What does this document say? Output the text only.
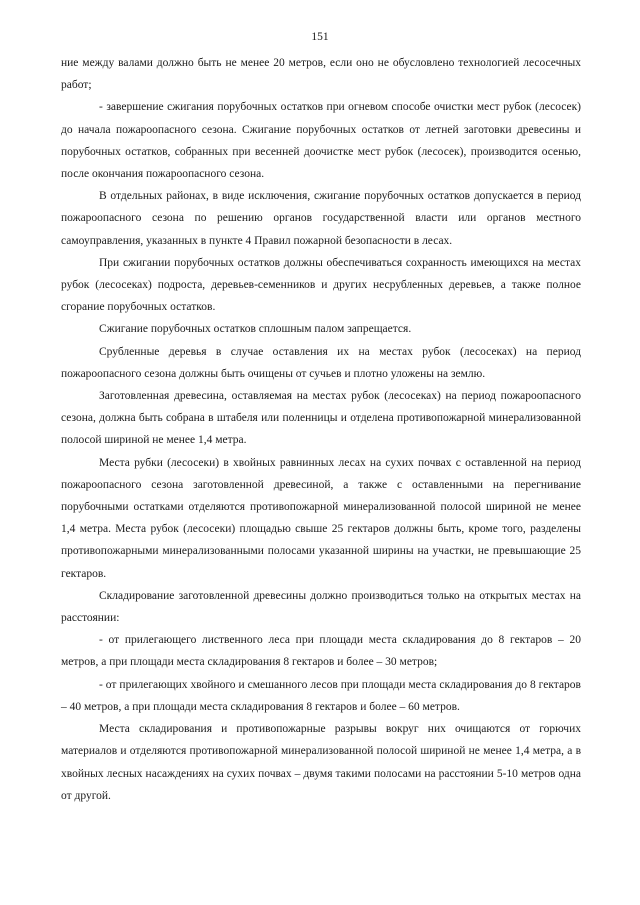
151

ние между валами должно быть не менее 20 метров, если оно не обусловлено технологией лесосечных работ;

- завершение сжигания порубочных остатков при огневом способе очистки мест рубок (лесосек) до начала пожароопасного сезона. Сжигание порубочных остатков от летней заготовки древесины и порубочных остатков, собранных при весенней доочистке мест рубок (лесосек), производится осенью, после окончания пожароопасного сезона.

В отдельных районах, в виде исключения, сжигание порубочных остатков допускается в период пожароопасного сезона по решению органов государственной власти или органов местного самоуправления, указанных в пункте 4 Правил пожарной безопасности в лесах.

При сжигании порубочных остатков должны обеспечиваться сохранность имеющихся на местах рубок (лесосеках) подроста, деревьев-семенников и других несрубленных деревьев, а также полное сгорание порубочных остатков.

Сжигание порубочных остатков сплошным палом запрещается.

Срубленные деревья в случае оставления их на местах рубок (лесосеках) на период пожароопасного сезона должны быть очищены от сучьев и плотно уложены на землю.

Заготовленная древесина, оставляемая на местах рубок (лесосеках) на период пожароопасного сезона, должна быть собрана в штабеля или поленницы и отделена противопожарной минерализованной полосой шириной не менее 1,4 метра.

Места рубки (лесосеки) в хвойных равнинных лесах на сухих почвах с оставленной на период пожароопасного сезона заготовленной древесиной, а также с оставленными на перегнивание порубочными остатками отделяются противопожарной минерализованной полосой шириной не менее 1,4 метра. Места рубок (лесосеки) площадью свыше 25 гектаров должны быть, кроме того, разделены противопожарными минерализованными полосами указанной ширины на участки, не превышающие 25 гектаров.

Складирование заготовленной древесины должно производиться только на открытых местах на расстоянии:

- от прилегающего лиственного леса при площади места складирования до 8 гектаров – 20 метров, а при площади места складирования 8 гектаров и более – 30 метров;

- от прилегающих хвойного и смешанного лесов при площади места складирования до 8 гектаров – 40 метров, а при площади места складирования 8 гектаров и более – 60 метров.

Места складирования и противопожарные разрывы вокруг них очищаются от горючих материалов и отделяются противопожарной минерализованной полосой шириной не менее 1,4 метра, а в хвойных лесных насаждениях на сухих почвах – двумя такими полосами на расстоянии 5-10 метров одна от другой.
